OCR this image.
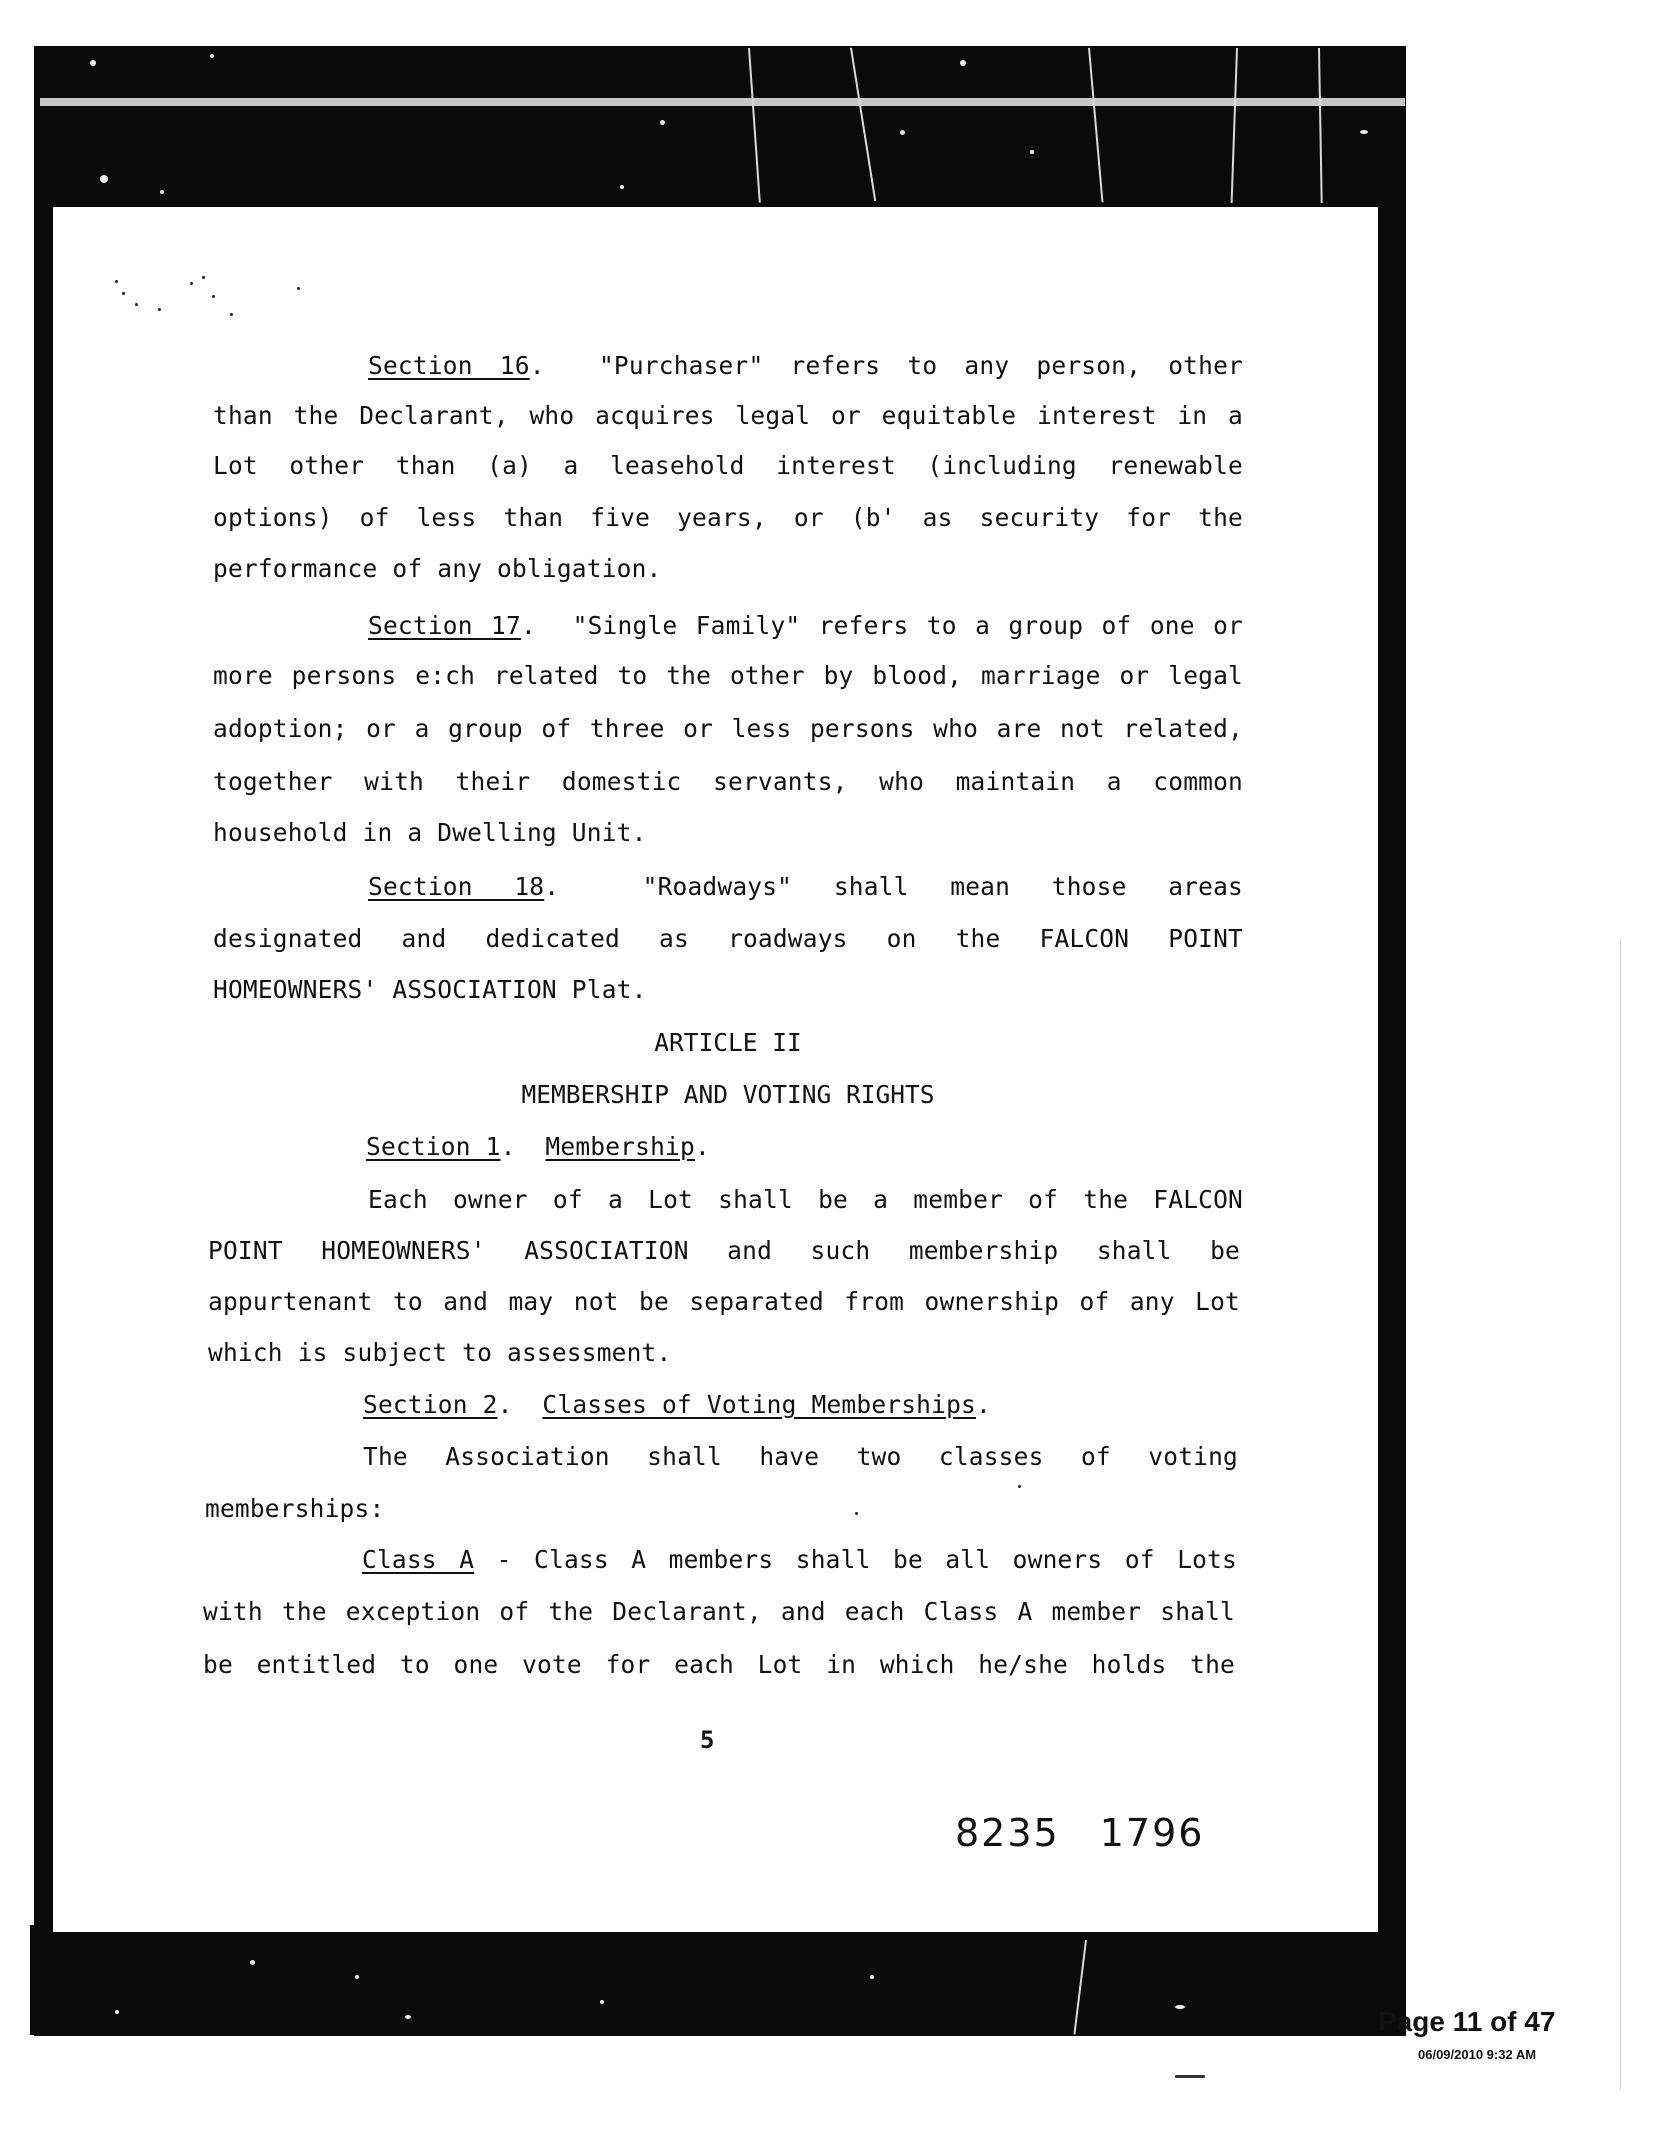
Section 16.  "Purchaser" refers to any person, other
than the Declarant, who acquires legal or equitable interest in a
Lot other than (a) a leasehold interest (including renewable
options) of less than five years, or (b' as security for the
performance of any obligation.
Section 17.  "Single Family" refers to a group of one or
more persons e:ch related to the other by blood, marriage or legal
adoption; or a group of three or less persons who are not related,
together with their domestic servants, who maintain a common
household in a Dwelling Unit.
Section 18.  "Roadways" shall mean those areas
designated and dedicated as roadways on the FALCON POINT
HOMEOWNERS' ASSOCIATION Plat.
ARTICLE II
MEMBERSHIP AND VOTING RIGHTS
Section 1.  Membership.
Each owner of a Lot shall be a member of the FALCON
POINT HOMEOWNERS' ASSOCIATION and such membership shall be
appurtenant to and may not be separated from ownership of any Lot
which is subject to assessment.
Section 2.  Classes of Voting Memberships.
The Association shall have two classes of voting
memberships:
Class A - Class A members shall be all owners of Lots
with the exception of the Declarant, and each Class A member shall
be entitled to one vote for each Lot in which he/she holds the
5
8235 1796
Page 11 of 47
06/09/2010 9:32 AM
